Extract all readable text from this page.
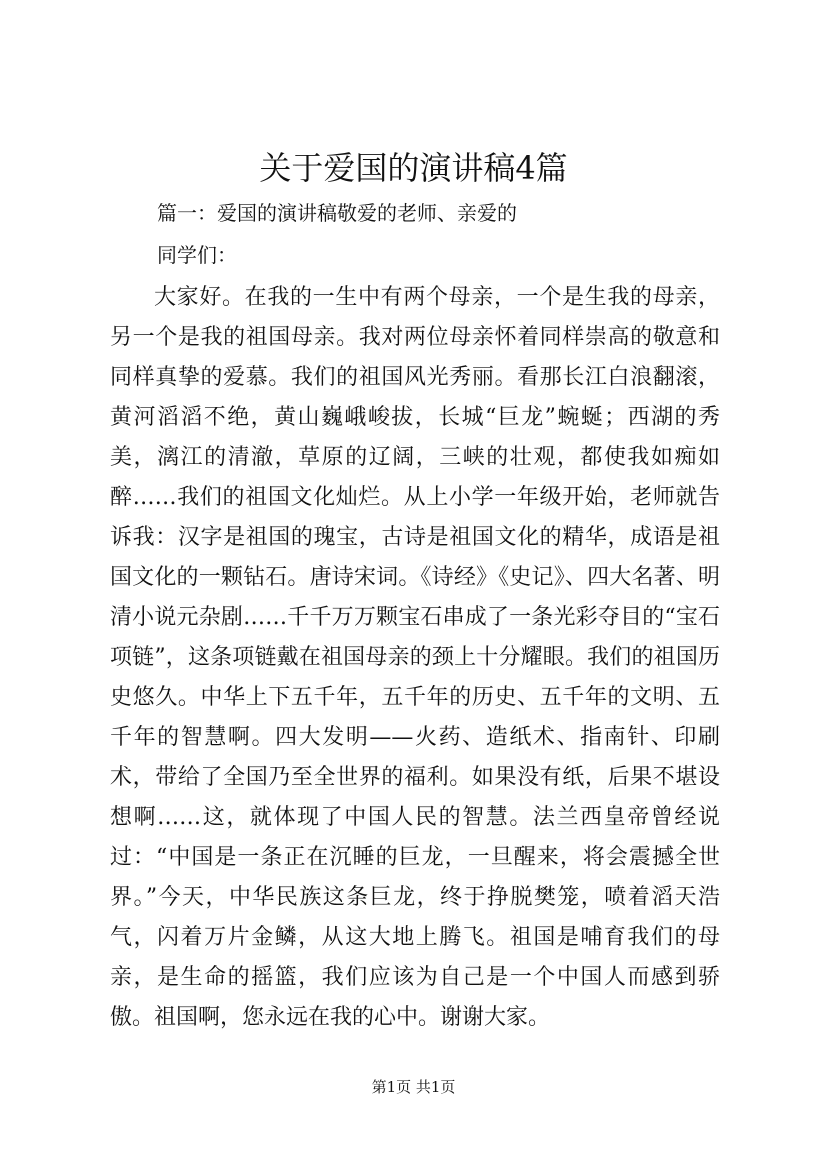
关于爱国的演讲稿4篇

篇一：爱国的演讲稿敬爱的老师、亲爱的

同学们：

大家好。在我的一生中有两个母亲，一个是生我的母亲，另一个是我的祖国母亲。我对两位母亲怀着同样崇高的敬意和同样真挚的爱慕。我们的祖国风光秀丽。看那长江白浪翻滚，黄河滔滔不绝，黄山巍峨峻拔，长城“巨龙”蜿蜒；西湖的秀美，漓江的清澈，草原的辽阔，三峡的壮观，都使我如痴如醉……我们的祖国文化灿烂。从上小学一年级开始，老师就告诉我：汉字是祖国的瑰宝，古诗是祖国文化的精华，成语是祖国文化的一颗钻石。唐诗宋词。《诗经》《史记》、四大名著、明清小说元杂剧……千千万万颗宝石串成了一条光彩夺目的“宝石项链”，这条项链戴在祖国母亲的颈上十分耀眼。我们的祖国历史悠久。中华上下五千年，五千年的历史、五千年的文明、五千年的智慧啊。四大发明——火药、造纸术、指南针、印刷术，带给了全国乃至全世界的福利。如果没有纸，后果不堪设想啊……这，就体现了中国人民的智慧。法兰西皇帝曾经说过：“中国是一条正在沉睡的巨龙，一旦醒来，将会震撼全世界。”今天，中华民族这条巨龙，终于挣脱樊笼，喷着滔天浩气，闪着万片金鳞，从这大地上腾飞。祖国是哺育我们的母亲，是生命的摇篮，我们应该为自己是一个中国人而感到骄傲。祖国啊，您永远在我的心中。谢谢大家。

第1页 共1页
